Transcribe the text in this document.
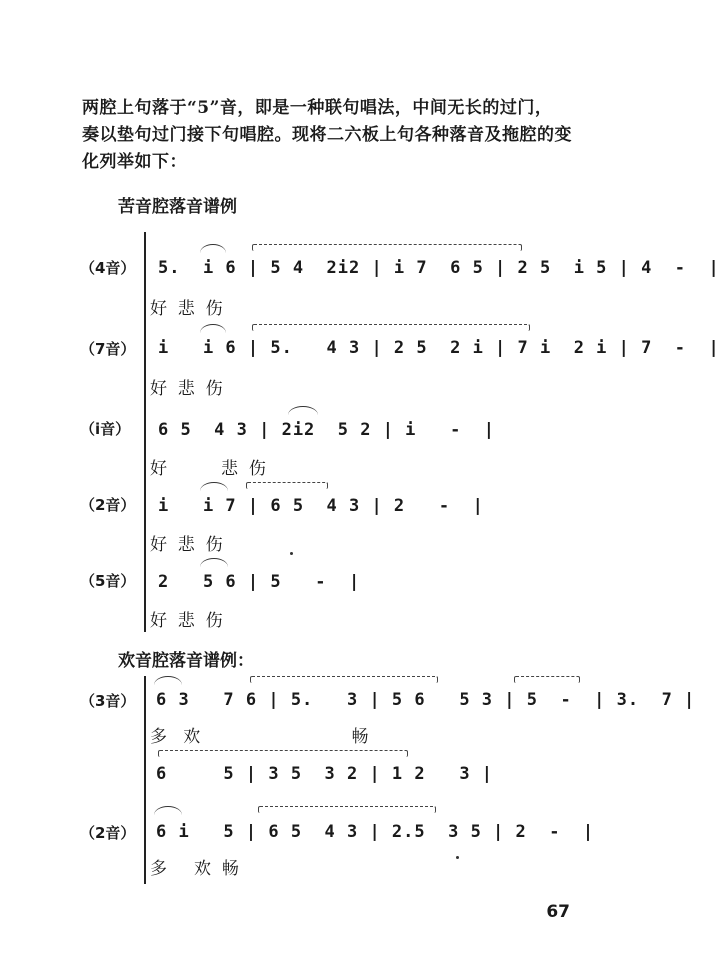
两腔上句落于“5”音，即是一种联句唱法，中间无长的过门，
奏以垫句过门接下句唱腔。现将二六板上句各种落音及拖腔的变
化列举如下：
苦音腔落音谱例
（4音） 5.  i 6 | 5 4  2i2 | i 7  6 5 | 2 5  i 5 | 4  -  |
好  悲  伤
（7音） i   i 6 | 5.   4 3 | 2 5  2 i | 7 i  2 i | 7  -  |
好  悲  伤
（i音） 6 5  4 3 | 2i2  5 2 | i   -  |
好          悲  伤
（2音） i   i 7 | 6 5  4 3 | 2   -  |
好  悲  伤
（5音） 2   5 6 | 5   -  |
好  悲  伤
欢音腔落音谱例：
（3音） 6 3   7 6 | 5.   3 | 5 6   5 3 | 5  -  | 3.  7 |
多   欢                            畅
6     5 | 3 5  3 2 | 1 2   3 |
（2音） 6 i   5 | 6 5  4 3 | 2.5  3 5 | 2  -  |
多     欢  畅
67
